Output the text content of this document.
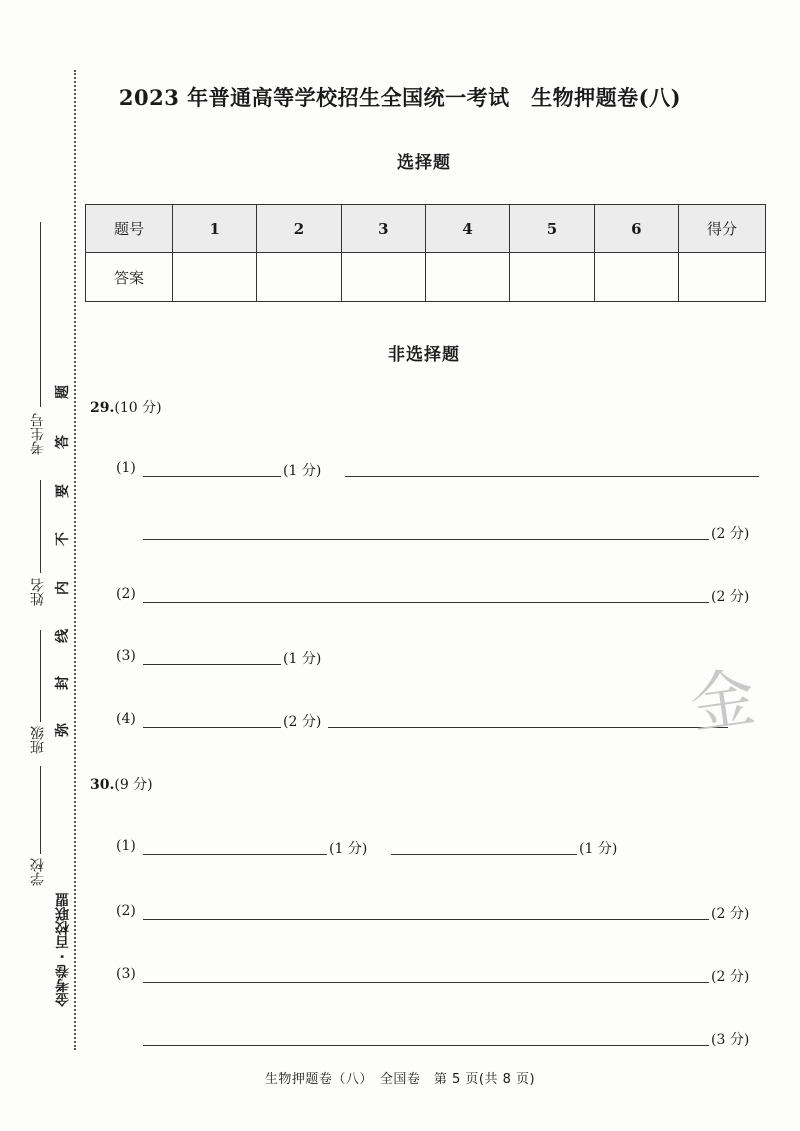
考生号
姓名
班级
学校
金考卷 · 百校联盟
题
答
要
不
内
线
封
弥
2023 年普通高等学校招生全国统一考试　生物押题卷(八)
选择题
题号	1	2	3	4	5	6	得分
答案							
非选择题
29.(10 分)
(1)	(1 分)
(2 分)
(2)	(2 分)
(3)	(1 分)
(4)	(2 分)	金
30.(9 分)
(1)	(1 分)	(1 分)
(2)	(2 分)
(3)	(2 分)
(3 分)
生物押题卷（八）　全国卷　第 5 页(共 8 页)
